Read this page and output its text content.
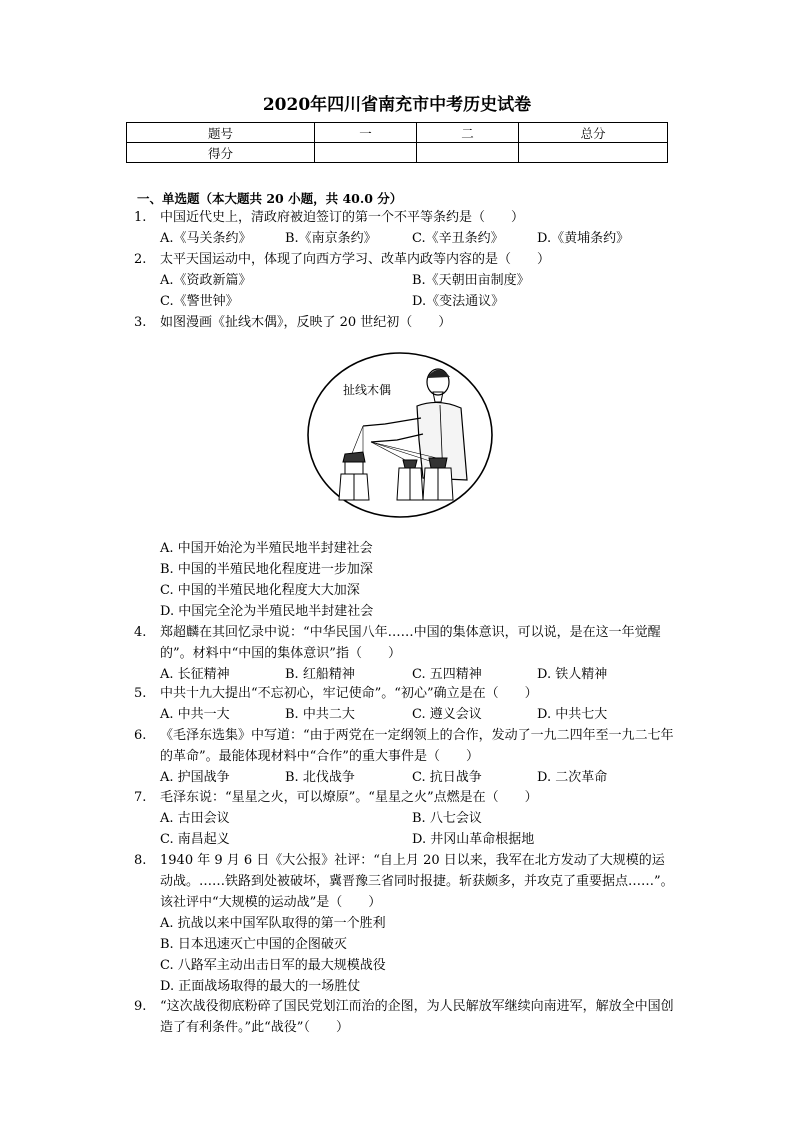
2020年四川省南充市中考历史试卷
题号	一	二	总分
得分			
一、单选题（本大题共 20 小题，共 40.0 分）
1.	中国近代史上，清政府被迫签订的第一个不平等条约是（　　）
A.《马关条约》	B.《南京条约》	C.《辛丑条约》	D.《黄埔条约》
2.	太平天国运动中，体现了向西方学习、改革内政等内容的是（　　）
A.《资政新篇》	B.《天朝田亩制度》
C.《警世钟》	D.《变法通议》
3.	如图漫画《扯线木偶》，反映了 20 世纪初（　　）
扯线木偶
A. 中国开始沦为半殖民地半封建社会
B. 中国的半殖民地化程度进一步加深
C. 中国的半殖民地化程度大大加深
D. 中国完全沦为半殖民地半封建社会
4.	郑超麟在其回忆录中说：“中华民国八年……中国的集体意识，可以说，是在这一年觉醒的”。材料中“中国的集体意识”指（　　）
A. 长征精神	B. 红船精神	C. 五四精神	D. 铁人精神
5.	中共十九大提出“不忘初心，牢记使命”。“初心”确立是在（　　）
A. 中共一大	B. 中共二大	C. 遵义会议	D. 中共七大
6.	《毛泽东选集》中写道：“由于两党在一定纲领上的合作，发动了一九二四年至一九二七年的革命”。最能体现材料中“合作”的重大事件是（　　）
A. 护国战争	B. 北伐战争	C. 抗日战争	D. 二次革命
7.	毛泽东说：“星星之火，可以燎原”。“星星之火”点燃是在（　　）
A. 古田会议	B. 八七会议
C. 南昌起义	D. 井冈山革命根据地
8.	1940 年 9 月 6 日《大公报》社评：“自上月 20 日以来，我军在北方发动了大规模的运动战。……铁路到处被破坏，冀晋豫三省同时报捷。斩获颇多，并攻克了重要据点……”。该社评中“大规模的运动战”是（　　）
A. 抗战以来中国军队取得的第一个胜利
B. 日本迅速灭亡中国的企图破灭
C. 八路军主动出击日军的最大规模战役
D. 正面战场取得的最大的一场胜仗
9.	“这次战役彻底粉碎了国民党划江而治的企图，为人民解放军继续向南进军，解放全中国创造了有利条件。”此“战役”（　　）
